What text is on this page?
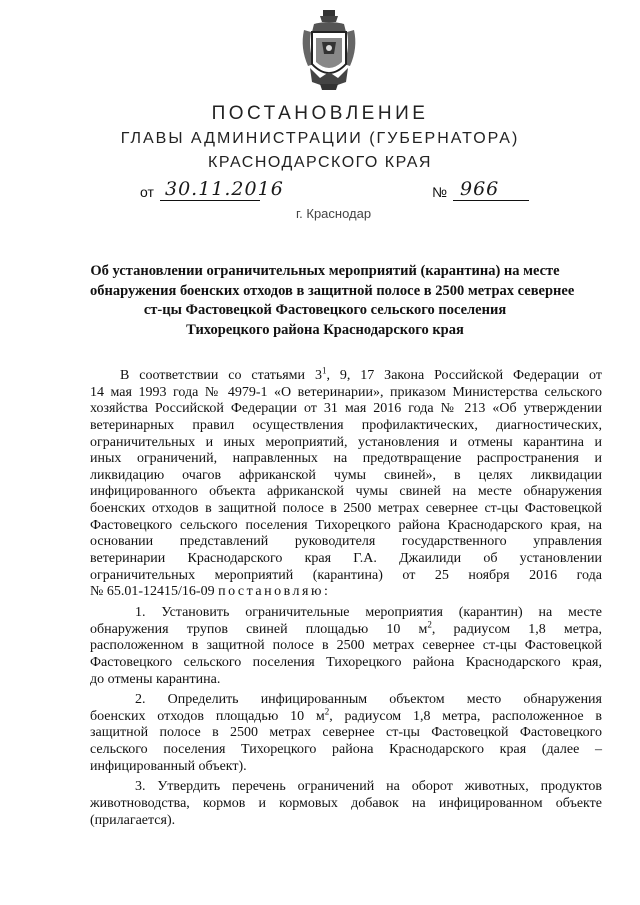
ПОСТАНОВЛЕНИЕ
ГЛАВЫ АДМИНИСТРАЦИИ (ГУБЕРНАТОРА)
КРАСНОДАРСКОГО КРАЯ
от 30.11.2016	№ 966
г. Краснодар
Об установлении ограничительных мероприятий (карантина) на месте
обнаружения боенских отходов в защитной полосе в 2500 метрах севернее
ст-цы Фастовецкой Фастовецкого сельского поселения
Тихорецкого района Краснодарского края
В соответствии со статьями $3^1$, 9, 17 Закона Российской Федерации от
14 мая 1993 года № 4979-1 «О ветеринарии», приказом Министерства сельского
хозяйства Российской Федерации от 31 мая 2016 года № 213 «Об утверждении
ветеринарных правил осуществления профилактических, диагностических,
ограничительных и иных мероприятий, установления и отмены карантина и
иных ограничений, направленных на предотвращение распространения и
ликвидацию очагов африканской чумы свиней», в целях ликвидации
инфицированного объекта африканской чумы свиней на месте обнаружения
боенских отходов в защитной полосе в 2500 метрах севернее ст-цы Фастовецкой
Фастовецкого сельского поселения Тихорецкого района Краснодарского края, на
основании представлений руководителя государственного управления
ветеринарии Краснодарского края Г.А. Джаилиди об установлении
ограничительных мероприятий (карантина) от 25 ноября 2016 года
№ 65.01-12415/16-09 постановляю:
1. Установить ограничительные мероприятия (карантин) на месте
обнаружения трупов свиней площадью 10 $м^2$, радиусом 1,8 метра,
расположенном в защитной полосе в 2500 метрах севернее ст-цы Фастовецкой
Фастовецкого сельского поселения Тихорецкого района Краснодарского края,
до отмены карантина.
2. Определить инфицированным объектом место обнаружения
боенских отходов площадью 10 $м^2$, радиусом 1,8 метра, расположенное в
защитной полосе в 2500 метрах севернее ст-цы Фастовецкой Фастовецкого
сельского поселения Тихорецкого района Краснодарского края (далее –
инфицированный объект).
3. Утвердить перечень ограничений на оборот животных, продуктов
животноводства, кормов и кормовых добавок на инфицированном объекте
(прилагается).
